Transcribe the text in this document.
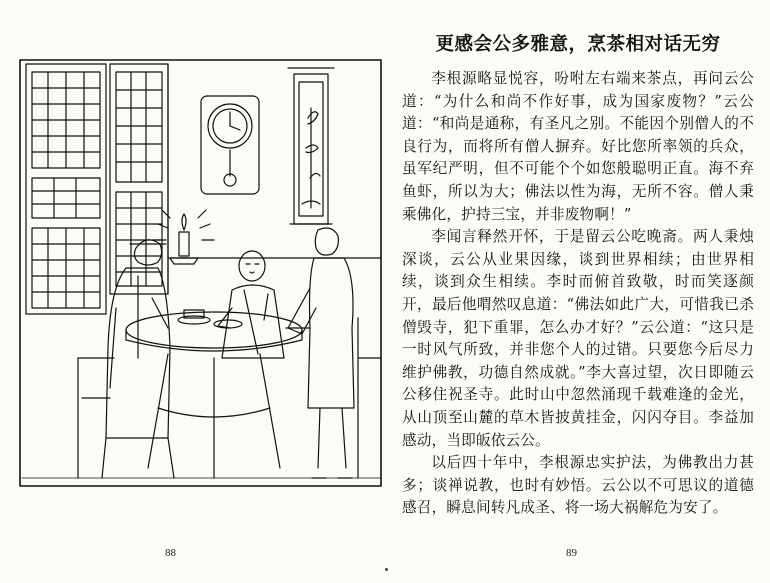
88
更感会公多雅意，烹茶相对话无穷

李根源略显悦容，吩咐左右端来茶点，再问云公道：“为什么和尚不作好事，成为国家废物？”云公道：“和尚是通称，有圣凡之别。不能因个别僧人的不良行为，而将所有僧人摒弃。好比您所率领的兵众，虽军纪严明，但不可能个个如您般聪明正直。海不弃鱼虾，所以为大；佛法以性为海，无所不容。僧人秉乘佛化，护持三宝，并非废物啊！”

李闻言释然开怀，于是留云公吃晚斋。两人秉烛深谈，云公从业果因缘，谈到世界相续；由世界相续，谈到众生相续。李时而俯首致敬，时而笑逐颜开，最后他喟然叹息道：“佛法如此广大，可惜我已杀僧毁寺，犯下重罪，怎么办才好？”云公道：“这只是一时风气所致，并非您个人的过错。只要您今后尽力维护佛教，功德自然成就。”李大喜过望，次日即随云公移住祝圣寺。此时山中忽然涌现千载难逢的金光，从山顶至山麓的草木皆披黄挂金，闪闪夺目。李益加感动，当即皈依云公。

以后四十年中，李根源忠实护法，为佛教出力甚多；谈禅说教，也时有妙悟。云公以不可思议的道德感召，瞬息间转凡成圣、将一场大祸解危为安了。

89
